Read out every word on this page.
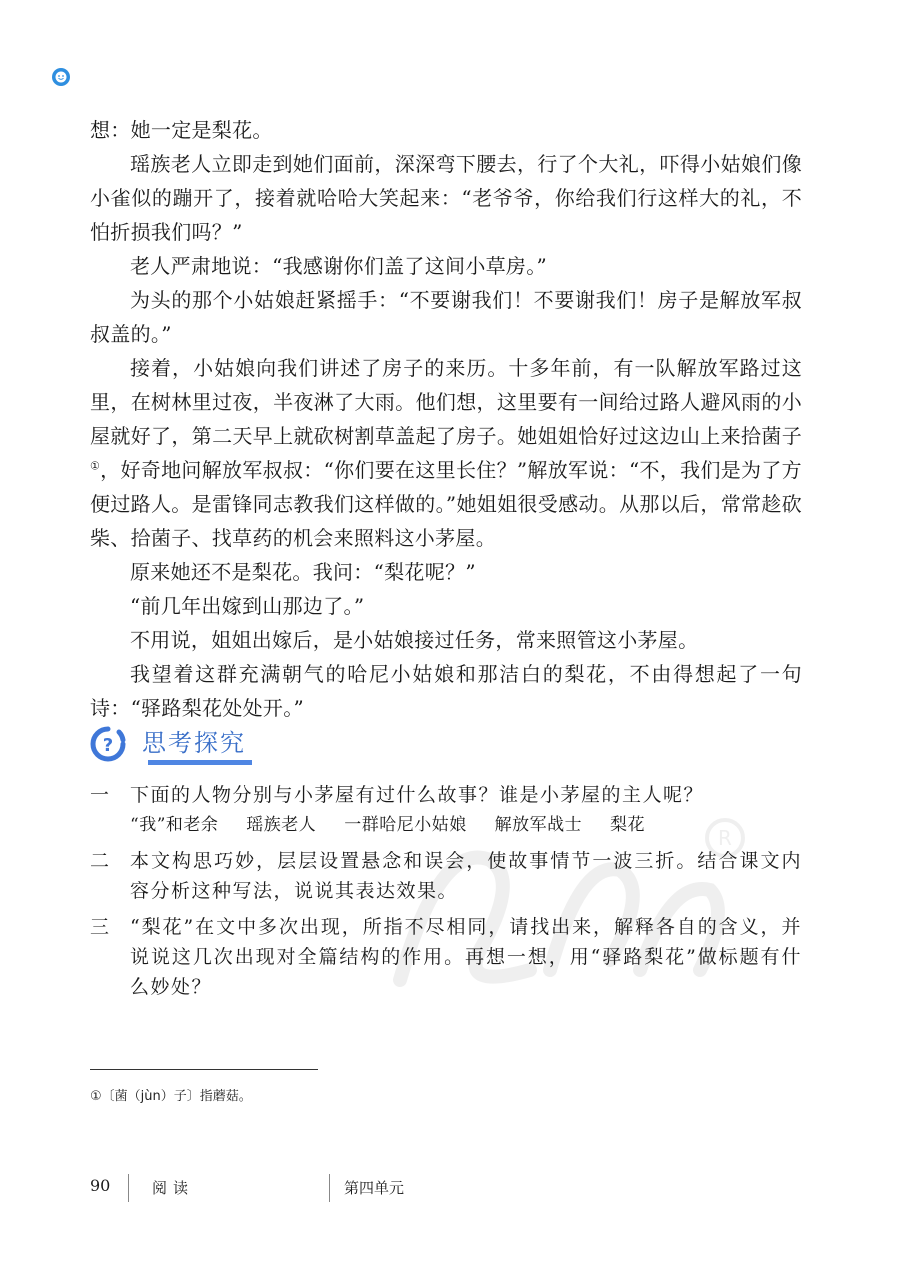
想：她一定是梨花。

瑶族老人立即走到她们面前，深深弯下腰去，行了个大礼，吓得小姑娘们像小雀似的蹦开了，接着就哈哈大笑起来：“老爷爷，你给我们行这样大的礼，不怕折损我们吗？”

老人严肃地说：“我感谢你们盖了这间小草房。”

为头的那个小姑娘赶紧摇手：“不要谢我们！不要谢我们！房子是解放军叔叔盖的。”

接着，小姑娘向我们讲述了房子的来历。十多年前，有一队解放军路过这里，在树林里过夜，半夜淋了大雨。他们想，这里要有一间给过路人避风雨的小屋就好了，第二天早上就砍树割草盖起了房子。她姐姐恰好过这边山上来拾菌子①，好奇地问解放军叔叔：“你们要在这里长住？”解放军说：“不，我们是为了方便过路人。是雷锋同志教我们这样做的。”她姐姐很受感动。从那以后，常常趁砍柴、拾菌子、找草药的机会来照料这小茅屋。

原来她还不是梨花。我问：“梨花呢？”

“前几年出嫁到山那边了。”

不用说，姐姐出嫁后，是小姑娘接过任务，常来照管这小茅屋。

我望着这群充满朝气的哈尼小姑娘和那洁白的梨花，不由得想起了一句诗：“驿路梨花处处开。”

? 思考探究
R
一	下面的人物分别与小茅屋有过什么故事？谁是小茅屋的主人呢？
“我”和老余 瑶族老人 一群哈尼小姑娘 解放军战士 梨花
二	本文构思巧妙，层层设置悬念和误会，使故事情节一波三折。结合课文内容分析这种写法，说说其表达效果。
三	“梨花”在文中多次出现，所指不尽相同，请找出来，解释各自的含义，并说说这几次出现对全篇结构的作用。再想一想，用“驿路梨花”做标题有什么妙处？
①〔菌（jùn）子〕指蘑菇。
90	阅读	第四单元
